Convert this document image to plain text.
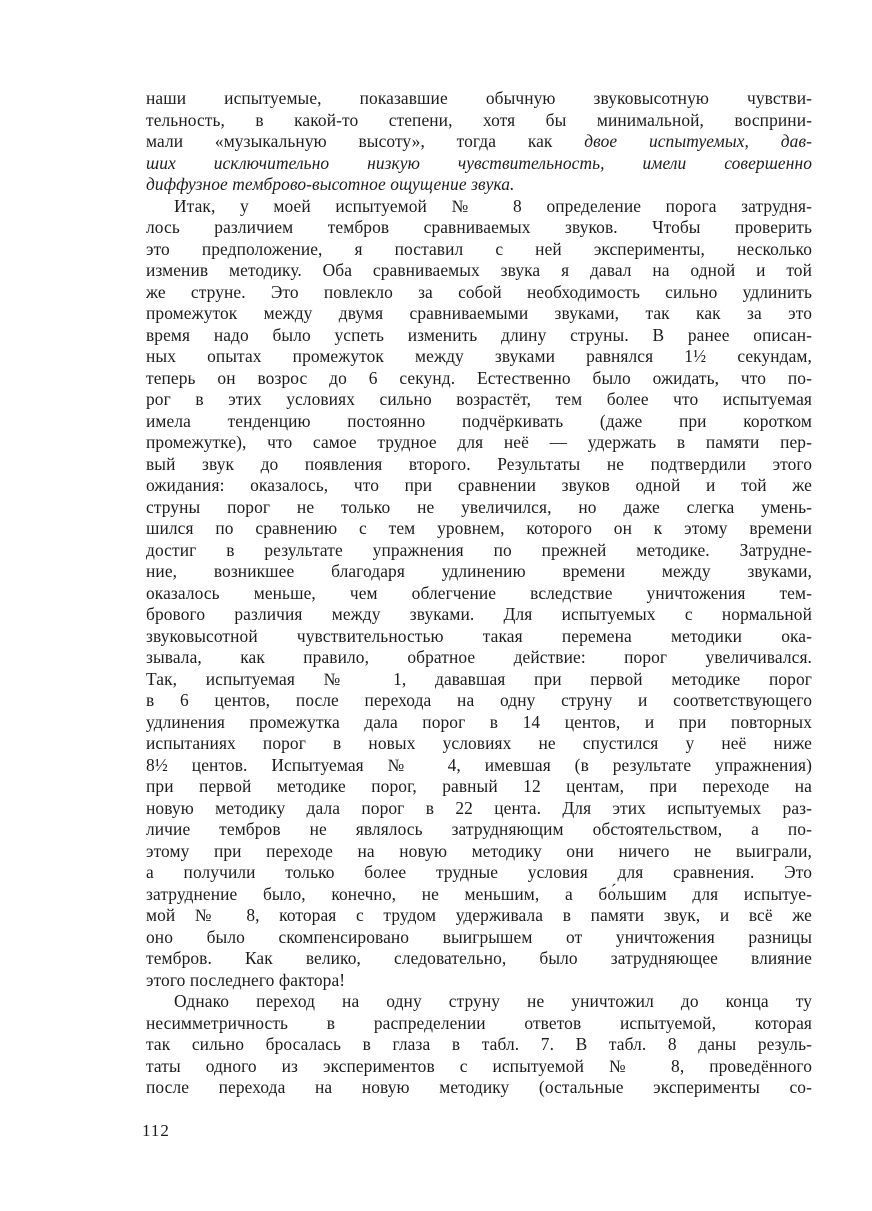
наши испытуемые, показавшие обычную звуковысотную чувстви-
тельность, в какой-то степени, хотя бы минимальной, восприни-
мали «музыкальную высоту», тогда как двое испытуемых, дав-
ших исключительно низкую чувствительность, имели совершенно
диффузное темброво-высотное ощущение звука.
Итак, у моей испытуемой № 8 определение порога затрудня-
лось различием тембров сравниваемых звуков. Чтобы проверить
это предположение, я поставил с ней эксперименты, несколько
изменив методику. Оба сравниваемых звука я давал на одной и той
же струне. Это повлекло за собой необходимость сильно удлинить
промежуток между двумя сравниваемыми звуками, так как за это
время надо было успеть изменить длину струны. В ранее описан-
ных опытах промежуток между звуками равнялся 1½ секундам,
теперь он возрос до 6 секунд. Естественно было ожидать, что по-
рог в этих условиях сильно возрастёт, тем более что испытуемая
имела тенденцию постоянно подчёркивать (даже при коротком
промежутке), что самое трудное для неё — удержать в памяти пер-
вый звук до появления второго. Результаты не подтвердили этого
ожидания: оказалось, что при сравнении звуков одной и той же
струны порог не только не увеличился, но даже слегка умень-
шился по сравнению с тем уровнем, которого он к этому времени
достиг в результате упражнения по прежней методике. Затрудне-
ние, возникшее благодаря удлинению времени между звуками,
оказалось меньше, чем облегчение вследствие уничтожения тем-
брового различия между звуками. Для испытуемых с нормальной
звуковысотной чувствительностью такая перемена методики ока-
зывала, как правило, обратное действие: порог увеличивался.
Так, испытуемая № 1, дававшая при первой методике порог
в 6 центов, после перехода на одну струну и соответствующего
удлинения промежутка дала порог в 14 центов, и при повторных
испытаниях порог в новых условиях не спустился у неё ниже
8½ центов. Испытуемая № 4, имевшая (в результате упражнения)
при первой методике порог, равный 12 центам, при переходе на
новую методику дала порог в 22 цента. Для этих испытуемых раз-
личие тембров не являлось затрудняющим обстоятельством, а по-
этому при переходе на новую методику они ничего не выиграли,
а получили только более трудные условия для сравнения. Это
затруднение было, конечно, не меньшим, а бо́льшим для испытуе-
мой № 8, которая с трудом удерживала в памяти звук, и всё же
оно было скомпенсировано выигрышем от уничтожения разницы
тембров. Как велико, следовательно, было затрудняющее влияние
этого последнего фактора!
Однако переход на одну струну не уничтожил до конца ту
несимметричность в распределении ответов испытуемой, которая
так сильно бросалась в глаза в табл. 7. В табл. 8 даны резуль-
таты одного из экспериментов с испытуемой № 8, проведённого
после перехода на новую методику (остальные эксперименты со-
112
